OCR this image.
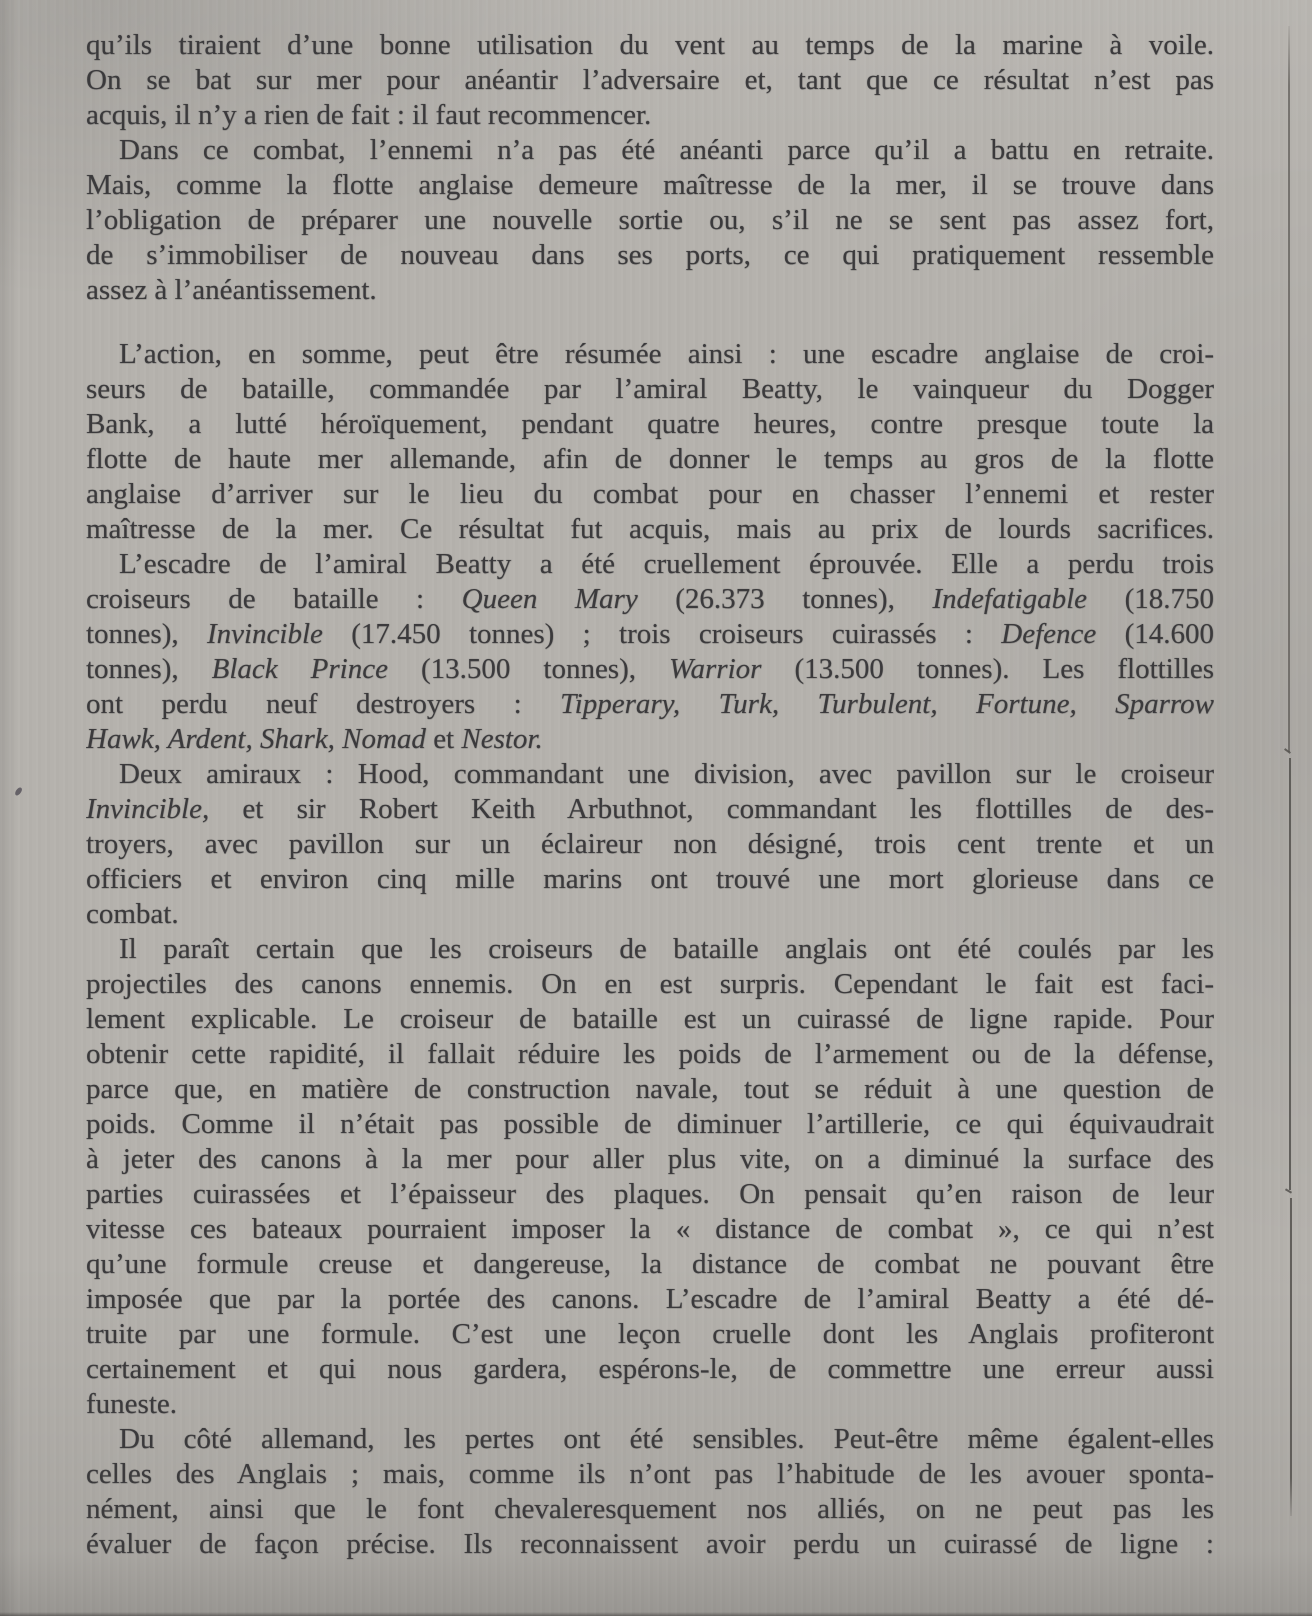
qu’ils tiraient d’une bonne utilisation du vent au temps de la marine à voile.
On se bat sur mer pour anéantir l’adversaire et, tant que ce résultat n’est pas
acquis, il n’y a rien de fait : il faut recommencer.
Dans ce combat, l’ennemi n’a pas été anéanti parce qu’il a battu en retraite.
Mais, comme la flotte anglaise demeure maîtresse de la mer, il se trouve dans
l’obligation de préparer une nouvelle sortie ou, s’il ne se sent pas assez fort,
de s’immobiliser de nouveau dans ses ports, ce qui pratiquement ressemble
assez à l’anéantissement.
L’action, en somme, peut être résumée ainsi : une escadre anglaise de croi-
seurs de bataille, commandée par l’amiral Beatty, le vainqueur du Dogger
Bank, a lutté héroïquement, pendant quatre heures, contre presque toute la
flotte de haute mer allemande, afin de donner le temps au gros de la flotte
anglaise d’arriver sur le lieu du combat pour en chasser l’ennemi et rester
maîtresse de la mer. Ce résultat fut acquis, mais au prix de lourds sacrifices.
L’escadre de l’amiral Beatty a été cruellement éprouvée. Elle a perdu trois
croiseurs de bataille : Queen Mary (26.373 tonnes), Indefatigable (18.750
tonnes), Invincible (17.450 tonnes) ; trois croiseurs cuirassés : Defence (14.600
tonnes), Black Prince (13.500 tonnes), Warrior (13.500 tonnes). Les flottilles
ont perdu neuf destroyers : Tipperary, Turk, Turbulent, Fortune, Sparrow
Hawk, Ardent, Shark, Nomad et Nestor.
Deux amiraux : Hood, commandant une division, avec pavillon sur le croiseur
Invincible, et sir Robert Keith Arbuthnot, commandant les flottilles de des-
troyers, avec pavillon sur un éclaireur non désigné, trois cent trente et un
officiers et environ cinq mille marins ont trouvé une mort glorieuse dans ce
combat.
Il paraît certain que les croiseurs de bataille anglais ont été coulés par les
projectiles des canons ennemis. On en est surpris. Cependant le fait est faci-
lement explicable. Le croiseur de bataille est un cuirassé de ligne rapide. Pour
obtenir cette rapidité, il fallait réduire les poids de l’armement ou de la défense,
parce que, en matière de construction navale, tout se réduit à une question de
poids. Comme il n’était pas possible de diminuer l’artillerie, ce qui équivaudrait
à jeter des canons à la mer pour aller plus vite, on a diminué la surface des
parties cuirassées et l’épaisseur des plaques. On pensait qu’en raison de leur
vitesse ces bateaux pourraient imposer la « distance de combat », ce qui n’est
qu’une formule creuse et dangereuse, la distance de combat ne pouvant être
imposée que par la portée des canons. L’escadre de l’amiral Beatty a été dé-
truite par une formule. C’est une leçon cruelle dont les Anglais profiteront
certainement et qui nous gardera, espérons-le, de commettre une erreur aussi
funeste.
Du côté allemand, les pertes ont été sensibles. Peut-être même égalent-elles
celles des Anglais ; mais, comme ils n’ont pas l’habitude de les avouer sponta-
nément, ainsi que le font chevaleresquement nos alliés, on ne peut pas les
évaluer de façon précise. Ils reconnaissent avoir perdu un cuirassé de ligne :
